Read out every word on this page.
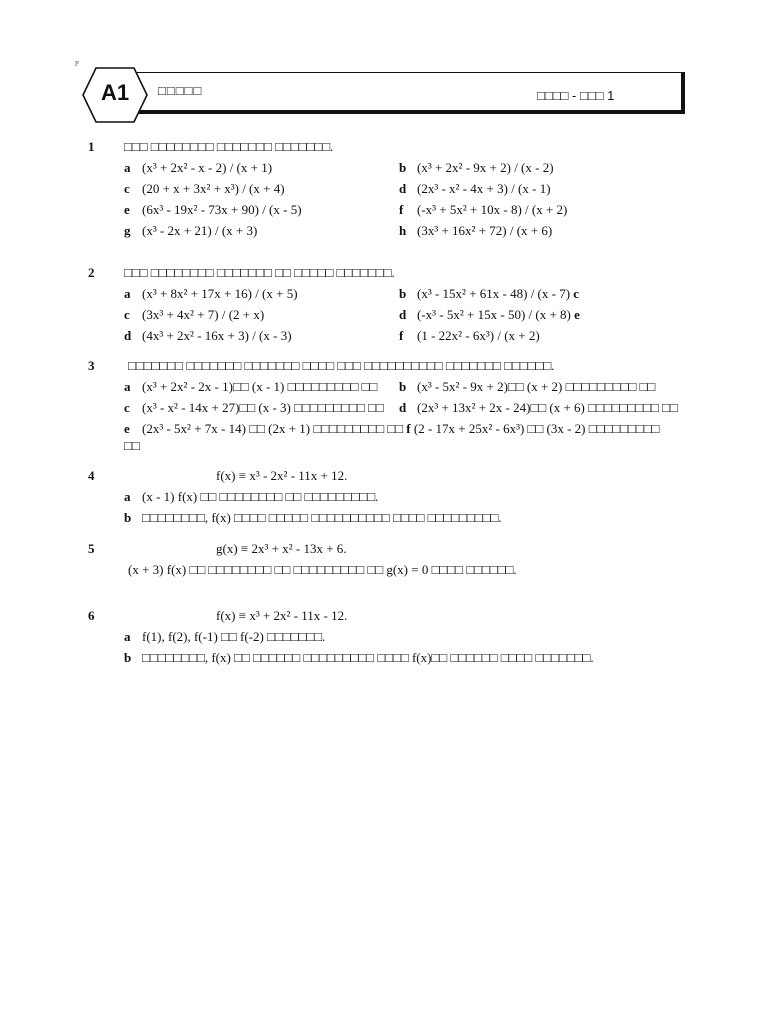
P
A1	□□□□□	□□□□ - □□□ 1
1 □□□ □□□□□□□□ □□□□□□□ □□□□□□□.
a (x³ + 2x² - x - 2) / (x + 1)	b (x³ + 2x² - 9x + 2) / (x - 2)
c (20 + x + 3x² + x³) / (x + 4)	d (2x³ - x² - 4x + 3) / (x - 1)
e (6x³ - 19x² - 73x + 90) / (x - 5)	f (-x³ + 5x² + 10x - 8) / (x + 2)
g (x³ - 2x + 21) / (x + 3)	h (3x³ + 16x² + 72) / (x + 6)
2 □□□ □□□□□□□□ □□□□□□□ □□ □□□□□ □□□□□□□.
a (x³ + 8x² + 17x + 16) / (x + 5)	b (x³ - 15x² + 61x - 48) / (x - 7) c
c (3x³ + 4x² + 7) / (2 + x)	d (-x³ - 5x² + 15x - 50) / (x + 8) e
d (4x³ + 2x² - 16x + 3) / (x - 3)	f (1 - 22x² - 6x³) / (x + 2)
3	□□□□□□□ □□□□□□□ □□□□□□□ □□□□ □□□ □□□□□□□□□□ □□□□□□□ □□□□□□.
a (x³ + 2x² - 2x - 1)□□ (x - 1) □□□□□□□□□ □□ b (x³ - 5x² - 9x + 2)□□ (x + 2) □□□□□□□□□ □□
c (x³ - x² - 14x + 27)□□ (x - 3) □□□□□□□□□ □□ d (2x³ + 13x² + 2x - 24)□□ (x + 6) □□□□□□□□□ □□
e (2x³ - 5x² + 7x - 14) □□ (2x + 1) □□□□□□□□□ □□ f (2 - 17x + 25x² - 6x³) □□ (3x - 2) □□□□□□□□□
□□
4	f(x) ≡ x³ - 2x² - 11x + 12.
a (x - 1) f(x) □□ □□□□□□□□ □□ □□□□□□□□□.
b □□□□□□□□, f(x) □□□□ □□□□□ □□□□□□□□□□ □□□□ □□□□□□□□□.
5	g(x) ≡ 2x³ + x² - 13x + 6.
(x + 3) f(x) □□ □□□□□□□□ □□ □□□□□□□□□ □□ g(x) = 0 □□□□ □□□□□□.
6	f(x) ≡ x³ + 2x² - 11x - 12.
a f(1), f(2), f(-1) □□ f(-2) □□□□□□□.
b □□□□□□□□, f(x) □□ □□□□□□ □□□□□□□□□ □□□□ f(x)□□ □□□□□□ □□□□ □□□□□□□.
